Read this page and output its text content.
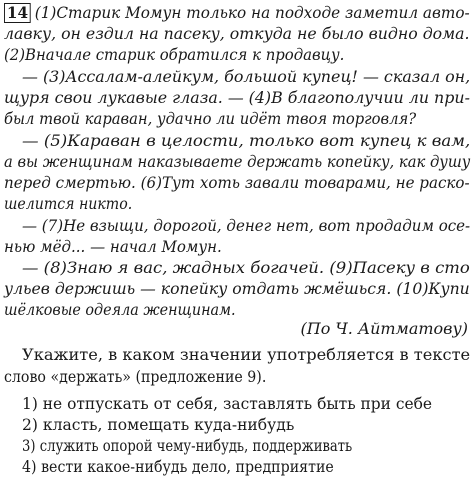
14 (1)Старик Момун только на подходе заметил авто-
лавку, он ездил на пасеку, откуда не было видно дома.
(2)Вначале старик обратился к продавцу.
— (3)Ассалам-алейкум, большой купец! — сказал он,
щуря свои лукавые глаза. — (4)В благополучии ли при-
был твой караван, удачно ли идёт твоя торговля?
— (5)Караван в целости, только вот купец к вам,
а вы женщинам наказываете держать копейку, как душу
перед смертью. (6)Тут хоть завали товарами, не раско-
шелится никто.
— (7)Не взыщи, дорогой, денег нет, вот продадим осе-
нью мёд... — начал Момун.
— (8)Знаю я вас, жадных богачей. (9)Пасеку в сто
ульев держишь — копейку отдать жмёшься. (10)Купи
шёлковые одеяла женщинам.
(По Ч. Айтматову)
Укажите, в каком значении употребляется в тексте
слово «держать» (предложение 9).
1) не отпускать от себя, заставлять быть при себе
2) класть, помещать куда-нибудь
3) служить опорой чему-нибудь, поддерживать
4) вести какое-нибудь дело, предприятие
